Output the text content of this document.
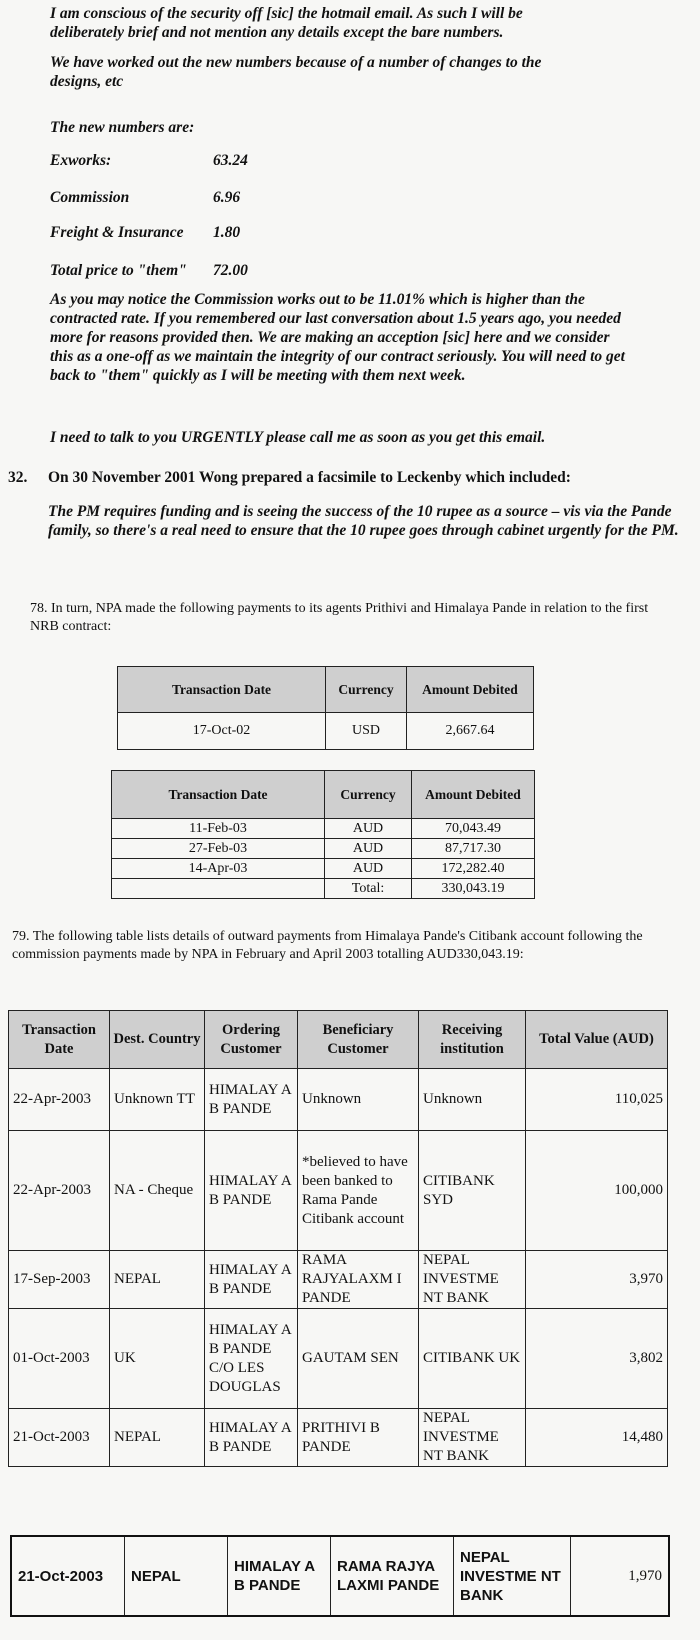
I am conscious of the security off [sic] the hotmail email. As such I will be deliberately brief and not mention any details except the bare numbers.

We have worked out the new numbers because of a number of changes to the designs, etc

The new numbers are:

Exworks:	63.24
Commission	6.96
Freight & Insurance 1.80
Total price to "them" 72.00

As you may notice the Commission works out to be 11.01% which is higher than the contracted rate. If you remembered our last conversation about 1.5 years ago, you needed more for reasons provided then. We are making an acception [sic] here and we consider this as a one-off as we maintain the integrity of our contract seriously. You will need to get back to "them" quickly as I will be meeting with them next week.

I need to talk to you URGENTLY please call me as soon as you get this email.

32. On 30 November 2001 Wong prepared a facsimile to Leckenby which included:
The PM requires funding and is seeing the success of the 10 rupee as a source – vis via the Pande family, so there's a real need to ensure that the 10 rupee goes through cabinet urgently for the PM.
78. In turn, NPA made the following payments to its agents Prithivi and Himalaya Pande in relation to the first NRB contract:
Transaction Date	Currency	Amount Debited
17-Oct-02	USD	2,667.64
Transaction Date	Currency	Amount Debited
11-Feb-03	AUD	70,043.49
27-Feb-03	AUD	87,717.30
14-Apr-03	AUD	172,282.40
	Total:	330,043.19
79. The following table lists details of outward payments from Himalaya Pande's Citibank account following the commission payments made by NPA in February and April 2003 totalling AUD330,043.19:
Transaction Date	Dest. Country	Ordering Customer	Beneficiary Customer	Receiving institution	Total Value (AUD)
22-Apr-2003	Unknown TT	HIMALAY A B PANDE	Unknown	Unknown	110,025
22-Apr-2003	NA - Cheque	HIMALAY A B PANDE	*believed to have been banked to Rama Pande Citibank account	CITIBANK SYD	100,000
17-Sep-2003	NEPAL	HIMALAY A B PANDE	RAMA RAJYALAXM I PANDE	NEPAL INVESTME NT BANK	3,970
01-Oct-2003	UK	HIMALAY A B PANDE C/O LES DOUGLAS	GAUTAM SEN	CITIBANK UK	3,802
21-Oct-2003	NEPAL	HIMALAY A B PANDE	PRITHIVI B PANDE	NEPAL INVESTME NT BANK	14,480
21-Oct-2003	NEPAL	HIMALAY A B PANDE	RAMA RAJYA LAXMI PANDE	NEPAL INVESTME NT BANK	1,970
